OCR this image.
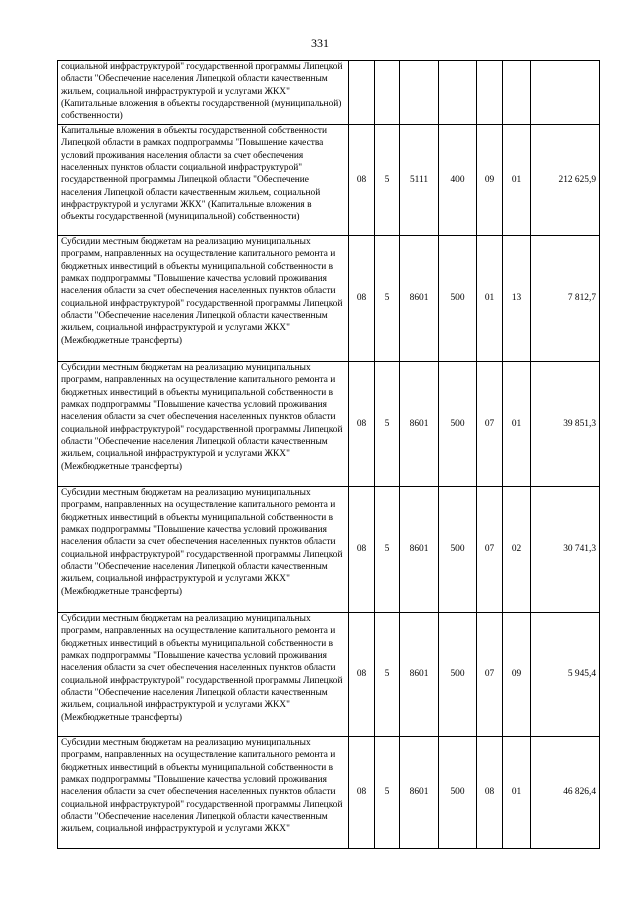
331
социальной инфраструктурой" государственной программы Липецкой области "Обеспечение населения Липецкой области качественным жильем, социальной инфраструктурой и услугами ЖКХ" (Капитальные вложения в объекты государственной (муниципальной) собственности)							
Капитальные вложения в объекты государственной собственности Липецкой области в рамках подпрограммы "Повышение качества условий проживания населения области за счет обеспечения населенных пунктов области социальной инфраструктурой" государственной программы Липецкой области "Обеспечение населения Липецкой области качественным жильем, социальной инфраструктурой и услугами ЖКХ" (Капитальные вложения в объекты государственной (муниципальной) собственности)	08	5	5111	400	09	01	212 625,9
Субсидии местным бюджетам на реализацию муниципальных программ, направленных на осуществление капитального ремонта и бюджетных инвестиций в объекты муниципальной собственности в рамках подпрограммы "Повышение качества условий проживания населения области за счет обеспечения населенных пунктов области социальной инфраструктурой" государственной программы Липецкой области "Обеспечение населения Липецкой области качественным жильем, социальной инфраструктурой и услугами ЖКХ" (Межбюджетные трансферты)	08	5	8601	500	01	13	7 812,7
Субсидии местным бюджетам на реализацию муниципальных программ, направленных на осуществление капитального ремонта и бюджетных инвестиций в объекты муниципальной собственности в рамках подпрограммы "Повышение качества условий проживания населения области за счет обеспечения населенных пунктов области социальной инфраструктурой" государственной программы Липецкой области "Обеспечение населения Липецкой области качественным жильем, социальной инфраструктурой и услугами ЖКХ" (Межбюджетные трансферты)	08	5	8601	500	07	01	39 851,3
Субсидии местным бюджетам на реализацию муниципальных программ, направленных на осуществление капитального ремонта и бюджетных инвестиций в объекты муниципальной собственности в рамках подпрограммы "Повышение качества условий проживания населения области за счет обеспечения населенных пунктов области социальной инфраструктурой" государственной программы Липецкой области "Обеспечение населения Липецкой области качественным жильем, социальной инфраструктурой и услугами ЖКХ" (Межбюджетные трансферты)	08	5	8601	500	07	02	30 741,3
Субсидии местным бюджетам на реализацию муниципальных программ, направленных на осуществление капитального ремонта и бюджетных инвестиций в объекты муниципальной собственности в рамках подпрограммы "Повышение качества условий проживания населения области за счет обеспечения населенных пунктов области социальной инфраструктурой" государственной программы Липецкой области "Обеспечение населения Липецкой области качественным жильем, социальной инфраструктурой и услугами ЖКХ" (Межбюджетные трансферты)	08	5	8601	500	07	09	5 945,4
Субсидии местным бюджетам на реализацию муниципальных программ, направленных на осуществление капитального ремонта и бюджетных инвестиций в объекты муниципальной собственности в рамках подпрограммы "Повышение качества условий проживания населения области за счет обеспечения населенных пунктов области социальной инфраструктурой" государственной программы Липецкой области "Обеспечение населения Липецкой области качественным жильем, социальной инфраструктурой и услугами ЖКХ"	08	5	8601	500	08	01	46 826,4
